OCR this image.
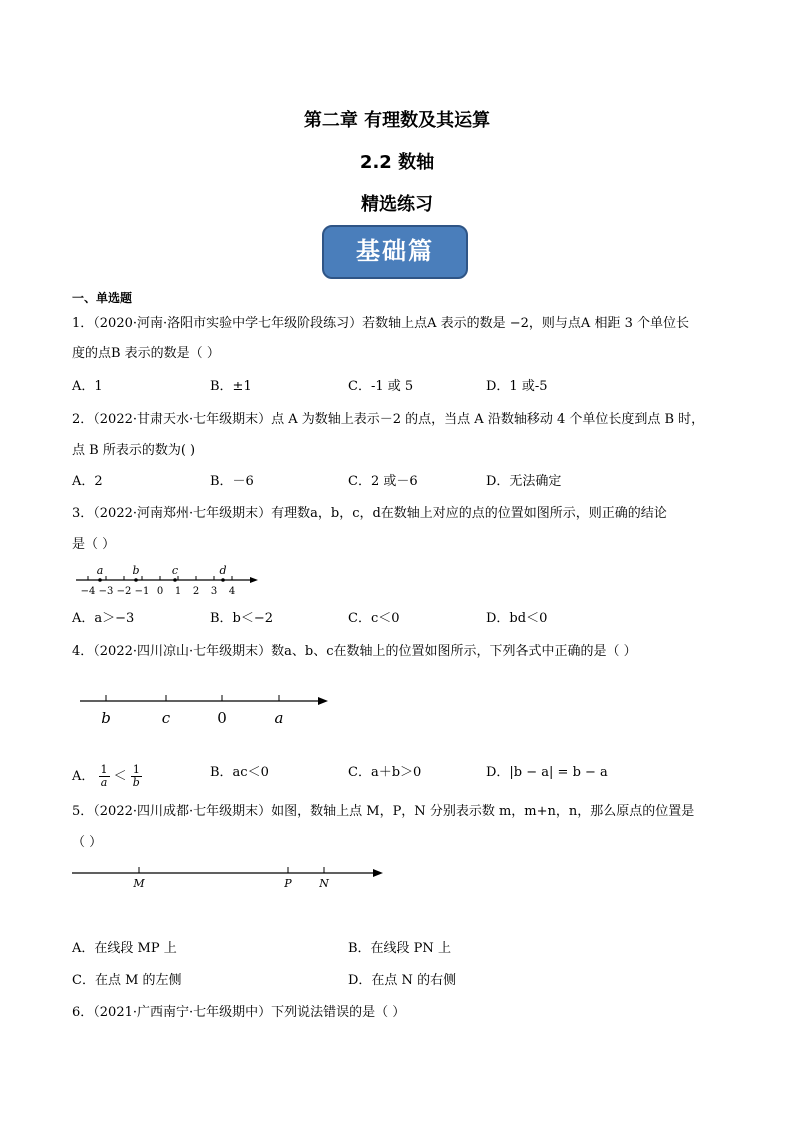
第二章 有理数及其运算
2.2 数轴
精选练习
基础篇
一、单选题
1．（2020·河南·洛阳市实验中学七年级阶段练习）若数轴上点A 表示的数是 −2，则与点A 相距 3 个单位长
度的点B 表示的数是（ ）
A．1	B．±1	C．-1 或 5	D．1 或-5
2．（2022·甘肃天水·七年级期末）点 A 为数轴上表示－2 的点，当点 A 沿数轴移动 4 个单位长度到点 B 时，
点 B 所表示的数为( )
A．2	B．－6	C．2 或－6	D．无法确定
3．（2022·河南郑州·七年级期末）有理数a，b，c，d在数轴上对应的点的位置如图所示，则正确的结论
是（ ）
a	b	c	d
−4 −3 −2 −1 0 1 2 3 4
A．a＞−3	B．b＜−2	C．c＜0	D．bd＜0
4．（2022·四川凉山·七年级期末）数a、b、c在数轴上的位置如图所示，下列各式中正确的是（ ）
b	c	0	a
A． $\frac{1}{a} < \frac{1}{b}$	B．ac＜0	C．a＋b＞0	D．|b − a| = b − a
5．（2022·四川成都·七年级期末）如图，数轴上点 M，P，N 分别表示数 m，m+n，n，那么原点的位置是
（ ）
M	P N
A．在线段 MP 上	B．在线段 PN 上
C．在点 M 的左侧	D．在点 N 的右侧
6．（2021·广西南宁·七年级期中）下列说法错误的是（ ）
